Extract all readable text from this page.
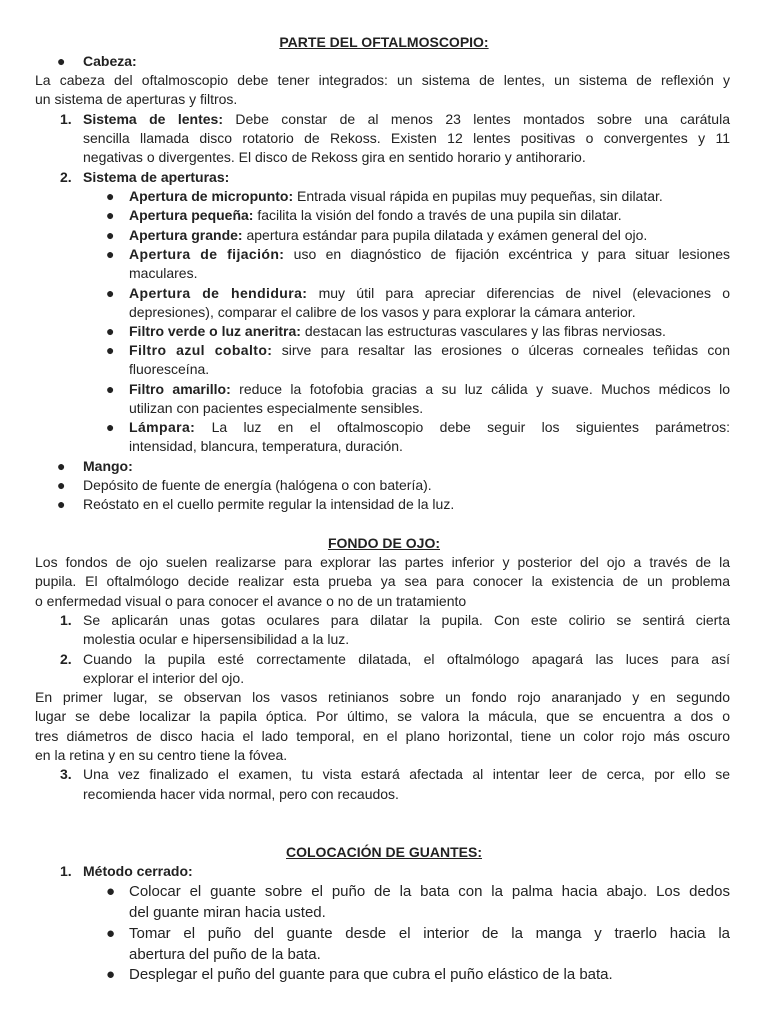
PARTE DEL OFTALMOSCOPIO:
● Cabeza:
La cabeza del oftalmoscopio debe tener integrados: un sistema de lentes, un sistema de reflexión y
un sistema de aperturas y filtros.
1. Sistema de lentes: Debe constar de al menos 23 lentes montados sobre una carátula
sencilla llamada disco rotatorio de Rekoss. Existen 12 lentes positivas o convergentes y 11
negativas o divergentes. El disco de Rekoss gira en sentido horario y antihorario.
2. Sistema de aperturas:
● Apertura de micropunto: Entrada visual rápida en pupilas muy pequeñas, sin dilatar.
● Apertura pequeña: facilita la visión del fondo a través de una pupila sin dilatar.
● Apertura grande: apertura estándar para pupila dilatada y exámen general del ojo.
● Apertura de fijación: uso en diagnóstico de fijación excéntrica y para situar lesiones
maculares.
● Apertura de hendidura: muy útil para apreciar diferencias de nivel (elevaciones o
depresiones), comparar el calibre de los vasos y para explorar la cámara anterior.
● Filtro verde o luz aneritra: destacan las estructuras vasculares y las fibras nerviosas.
● Filtro azul cobalto: sirve para resaltar las erosiones o úlceras corneales teñidas con
fluoresceína.
● Filtro amarillo: reduce la fotofobia gracias a su luz cálida y suave. Muchos médicos lo
utilizan con pacientes especialmente sensibles.
● Lámpara: La luz en el oftalmoscopio debe seguir los siguientes parámetros:
intensidad, blancura, temperatura, duración.
● Mango:
● Depósito de fuente de energía (halógena o con batería).
● Reóstato en el cuello permite regular la intensidad de la luz.
FONDO DE OJO:
Los fondos de ojo suelen realizarse para explorar las partes inferior y posterior del ojo a través de la
pupila. El oftalmólogo decide realizar esta prueba ya sea para conocer la existencia de un problema
o enfermedad visual o para conocer el avance o no de un tratamiento
1. Se aplicarán unas gotas oculares para dilatar la pupila. Con este colirio se sentirá cierta
molestia ocular e hipersensibilidad a la luz.
2. Cuando la pupila esté correctamente dilatada, el oftalmólogo apagará las luces para así
explorar el interior del ojo.
En primer lugar, se observan los vasos retinianos sobre un fondo rojo anaranjado y en segundo
lugar se debe localizar la papila óptica. Por último, se valora la mácula, que se encuentra a dos o
tres diámetros de disco hacia el lado temporal, en el plano horizontal, tiene un color rojo más oscuro
en la retina y en su centro tiene la fóvea.
3. Una vez finalizado el examen, tu vista estará afectada al intentar leer de cerca, por ello se
recomienda hacer vida normal, pero con recaudos.
COLOCACIÓN DE GUANTES:
1. Método cerrado:
● Colocar el guante sobre el puño de la bata con la palma hacia abajo. Los dedos
del guante miran hacia usted.
● Tomar el puño del guante desde el interior de la manga y traerlo hacia la
abertura del puño de la bata.
● Desplegar el puño del guante para que cubra el puño elástico de la bata.
